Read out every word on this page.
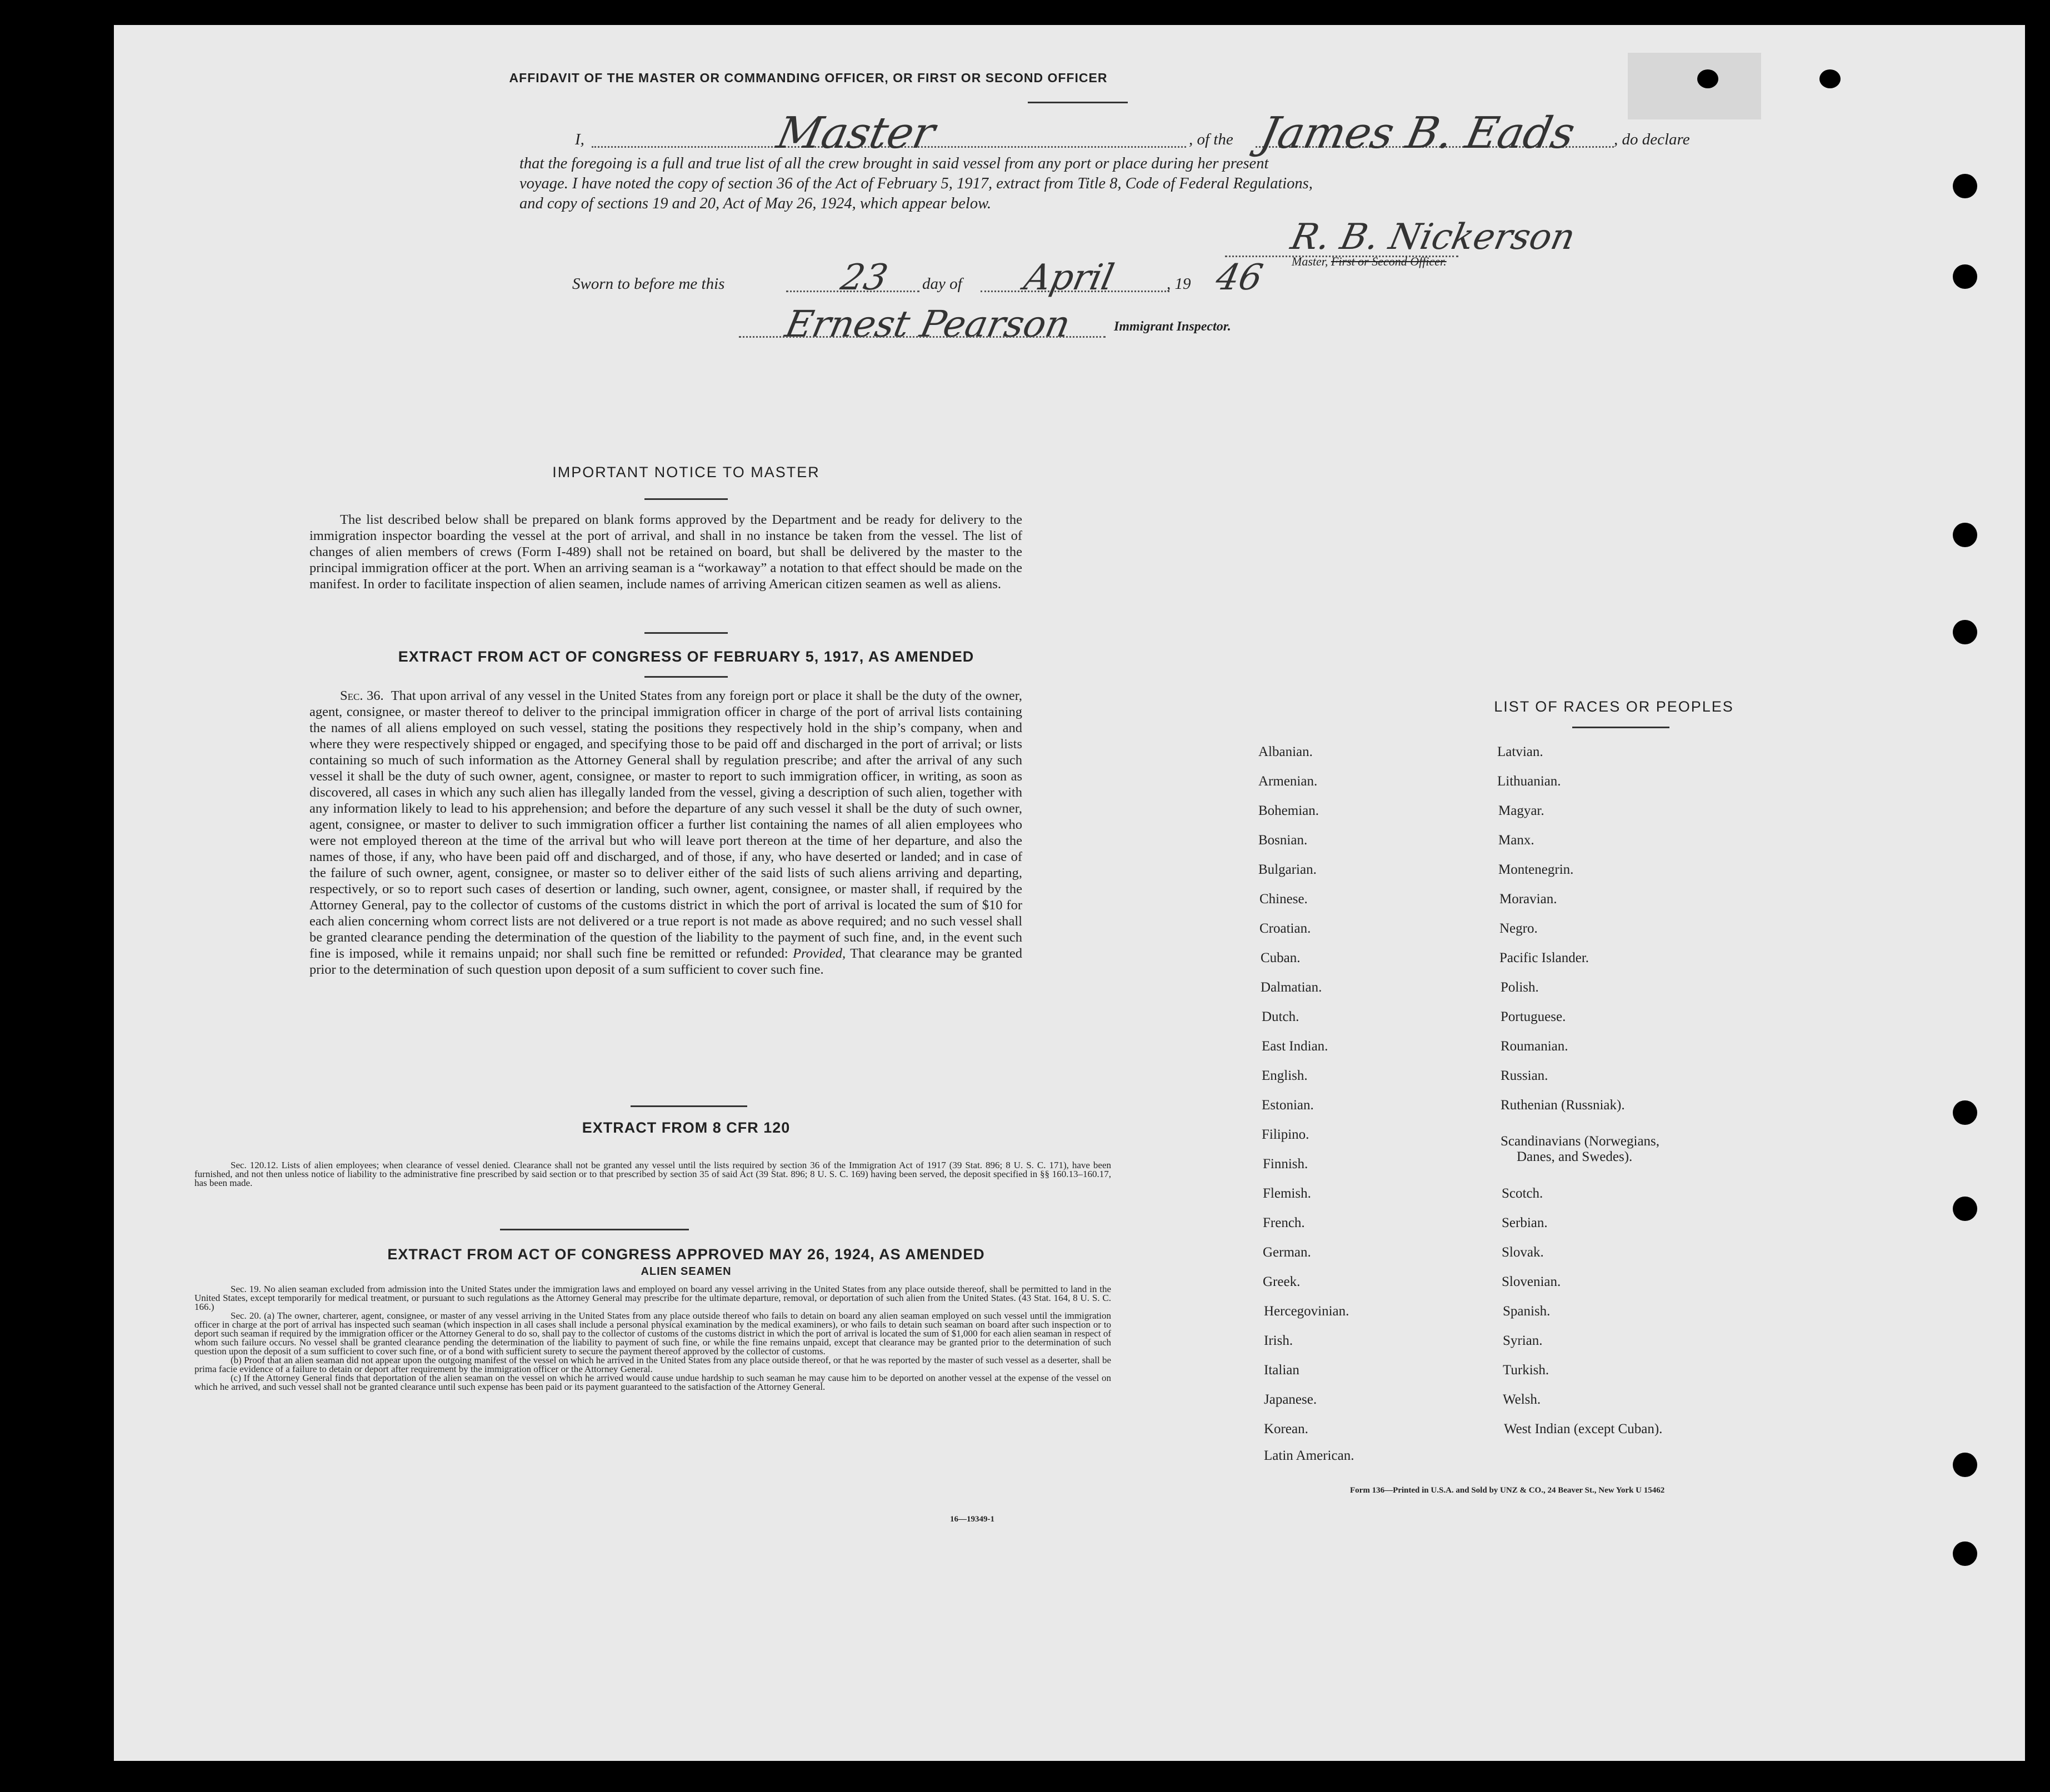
AFFIDAVIT OF THE MASTER OR COMMANDING OFFICER, OR FIRST OR SECOND OFFICER
I,	Master	, of the James B. Eads , do declare
that the foregoing is a full and true list of all the crew brought in said vessel from any port or place during her present
voyage. I have noted the copy of section 36 of the Act of February 5, 1917, extract from Title 8, Code of Federal Regulations,
and copy of sections 19 and 20, Act of May 26, 1924, which appear below.
R. B. Nickerson
Master, First or Second Officer.
Sworn to before me this	23 day of April	, 19 46
Ernest Pearson	Immigrant Inspector.
IMPORTANT NOTICE TO MASTER
The list described below shall be prepared on blank forms approved by the Department and be ready for delivery to the immigration inspector boarding the vessel at the port of arrival, and shall in no instance be taken from the vessel. The list of changes of alien members of crews (Form I-489) shall not be retained on board, but shall be delivered by the master to the principal immigration officer at the port. When an arriving seaman is a “workaway” a notation to that effect should be made on the manifest. In order to facilitate inspection of alien seamen, include names of arriving American citizen seamen as well as aliens.
EXTRACT FROM ACT OF CONGRESS OF FEBRUARY 5, 1917, AS AMENDED
Sec. 36. That upon arrival of any vessel in the United States from any foreign port or place it shall be the duty of the owner, agent, consignee, or master thereof to deliver to the principal immigration officer in charge of the port of arrival lists containing the names of all aliens employed on such vessel, stating the positions they respectively hold in the ship’s company, when and where they were respectively shipped or engaged, and specifying those to be paid off and discharged in the port of arrival; or lists containing so much of such information as the Attorney General shall by regulation prescribe; and after the arrival of any such vessel it shall be the duty of such owner, agent, consignee, or master to report to such immigration officer, in writing, as soon as discovered, all cases in which any such alien has illegally landed from the vessel, giving a description of such alien, together with any information likely to lead to his apprehension; and before the departure of any such vessel it shall be the duty of such owner, agent, consignee, or master to deliver to such immigration officer a further list containing the names of all alien employees who were not employed thereon at the time of the arrival but who will leave port thereon at the time of her departure, and also the names of those, if any, who have been paid off and discharged, and of those, if any, who have deserted or landed; and in case of the failure of such owner, agent, consignee, or master so to deliver either of the said lists of such aliens arriving and departing, respectively, or so to report such cases of desertion or landing, such owner, agent, consignee, or master shall, if required by the Attorney General, pay to the collector of customs of the customs district in which the port of arrival is located the sum of $10 for each alien concerning whom correct lists are not delivered or a true report is not made as above required; and no such vessel shall be granted clearance pending the determination of the question of the liability to the payment of such fine, and, in the event such fine is imposed, while it remains unpaid; nor shall such fine be remitted or refunded: Provided, That clearance may be granted prior to the determination of such question upon deposit of a sum sufficient to cover such fine.
EXTRACT FROM 8 CFR 120
Sec. 120.12. Lists of alien employees; when clearance of vessel denied. Clearance shall not be granted any vessel until the lists required by section 36 of the Immigration Act of 1917 (39 Stat. 896; 8 U. S. C. 171), have been furnished, and not then unless notice of liability to the administrative fine prescribed by said section or to that prescribed by section 35 of said Act (39 Stat. 896; 8 U. S. C. 169) having been served, the deposit specified in §§ 160.13–160.17, has been made.
EXTRACT FROM ACT OF CONGRESS APPROVED MAY 26, 1924, AS AMENDED
ALIEN SEAMEN
Sec. 19. No alien seaman excluded from admission into the United States under the immigration laws and employed on board any vessel arriving in the United States from any place outside thereof, shall be permitted to land in the United States, except temporarily for medical treatment, or pursuant to such regulations as the Attorney General may prescribe for the ultimate departure, removal, or deportation of such alien from the United States. (43 Stat. 164, 8 U. S. C. 166.)
Sec. 20. (a) The owner, charterer, agent, consignee, or master of any vessel arriving in the United States from any place outside thereof who fails to detain on board any alien seaman employed on such vessel until the immigration officer in charge at the port of arrival has inspected such seaman (which inspection in all cases shall include a personal physical examination by the medical examiners), or who fails to detain such seaman on board after such inspection or to deport such seaman if required by the immigration officer or the Attorney General to do so, shall pay to the collector of customs of the customs district in which the port of arrival is located the sum of $1,000 for each alien seaman in respect of whom such failure occurs. No vessel shall be granted clearance pending the determination of the liability to payment of such fine, or while the fine remains unpaid, except that clearance may be granted prior to the determination of such question upon the deposit of a sum sufficient to cover such fine, or of a bond with sufficient surety to secure the payment thereof approved by the collector of customs.
(b) Proof that an alien seaman did not appear upon the outgoing manifest of the vessel on which he arrived in the United States from any place outside thereof, or that he was reported by the master of such vessel as a deserter, shall be prima facie evidence of a failure to detain or deport after requirement by the immigration officer or the Attorney General.
(c) If the Attorney General finds that deportation of the alien seaman on the vessel on which he arrived would cause undue hardship to such seaman he may cause him to be deported on another vessel at the expense of the vessel on which he arrived, and such vessel shall not be granted clearance until such expense has been paid or its payment guaranteed to the satisfaction of the Attorney General.
16—19349-1
LIST OF RACES OR PEOPLES
Albanian.
Armenian.
Bohemian.
Bosnian.
Bulgarian.
Chinese.
Croatian.
Cuban.
Dalmatian.
Dutch.
East Indian.
English.
Estonian.
Filipino.
Finnish.
Flemish.
French.
German.
Greek.
Hercegovinian.
Irish.
Italian
Japanese.
Korean.
Latin American.
Latvian.
Lithuanian.
Magyar.
Manx.
Montenegrin.
Moravian.
Negro.
Pacific Islander.
Polish.
Portuguese.
Roumanian.
Russian.
Ruthenian (Russniak).
Scandinavians (Norwegians,
Danes, and Swedes).
Scotch.
Serbian.
Slovak.
Slovenian.
Spanish.
Syrian.
Turkish.
Welsh.
West Indian (except Cuban).
Form 136—Printed in U.S.A. and Sold by UNZ & CO., 24 Beaver St., New York U 15462
